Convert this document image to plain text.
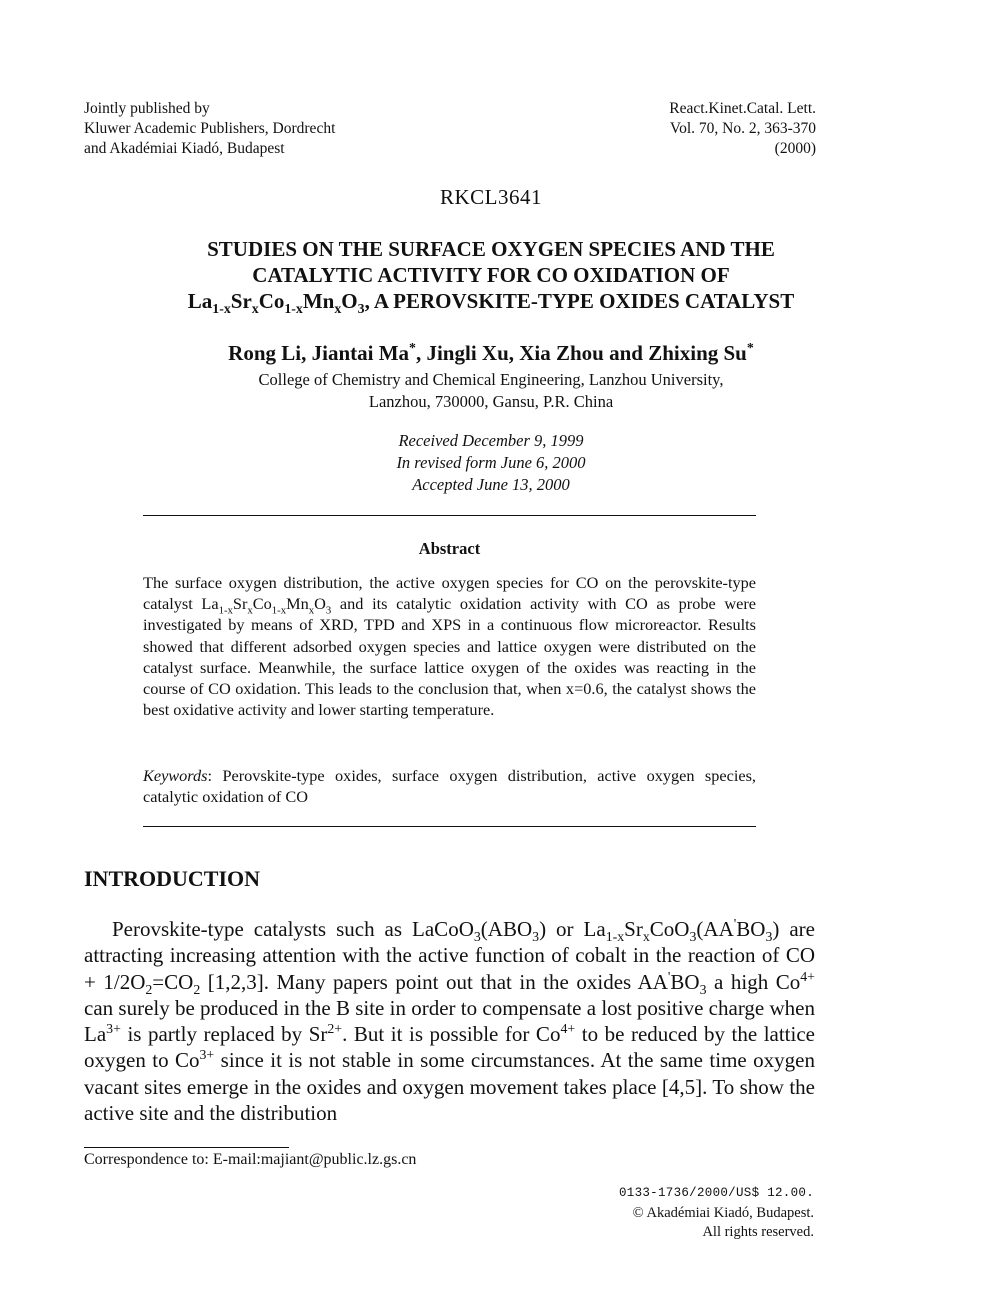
Jointly published by
Kluwer Academic Publishers, Dordrecht
and Akadémiai Kiadó, Budapest
React.Kinet.Catal. Lett.
Vol. 70, No. 2, 363-370
(2000)
RKCL3641
STUDIES ON THE SURFACE OXYGEN SPECIES AND THE
CATALYTIC ACTIVITY FOR CO OXIDATION OF
$La_{1-x}Sr_xCo_{1-x}Mn_xO_3$, A PEROVSKITE-TYPE OXIDES CATALYST
Rong Li, Jiantai Ma*, Jingli Xu, Xia Zhou and Zhixing Su*
College of Chemistry and Chemical Engineering, Lanzhou University,
Lanzhou, 730000, Gansu, P.R. China
Received December 9, 1999
In revised form June 6, 2000
Accepted June 13, 2000
Abstract
The surface oxygen distribution, the active oxygen species for CO on the perovskite-type catalyst $La_{1-x}Sr_xCo_{1-x}Mn_xO_3$ and its catalytic oxidation activity with CO as probe were investigated by means of XRD, TPD and XPS in a continuous flow microreactor. Results showed that different adsorbed oxygen species and lattice oxygen were distributed on the catalyst surface. Meanwhile, the surface lattice oxygen of the oxides was reacting in the course of CO oxidation. This leads to the conclusion that, when x=0.6, the catalyst shows the best oxidative activity and lower starting temperature.
Keywords: Perovskite-type oxides, surface oxygen distribution, active oxygen species, catalytic oxidation of CO
INTRODUCTION

Perovskite-type catalysts such as $LaCoO_3(ABO_3)$ or $La_{1-x}Sr_xCoO_3(AA'BO_3)$ are attracting increasing attention with the active function of cobalt in the reaction of CO + $1/2O_2=CO_2$ [1,2,3]. Many papers point out that in the oxides $AA'BO_3$ a high $Co^{4+}$ can surely be produced in the B site in order to compensate a lost positive charge when $La^{3+}$ is partly replaced by $Sr^{2+}$. But it is possible for $Co^{4+}$ to be reduced by the lattice oxygen to $Co^{3+}$ since it is not stable in some circumstances. At the same time oxygen vacant sites emerge in the oxides and oxygen movement takes place [4,5]. To show the active site and the distribution

Correspondence to: E-mail:majiant@public.lz.gs.cn
0133-1736/2000/US$ 12.00.
© Akadémiai Kiadó, Budapest.
All rights reserved.
